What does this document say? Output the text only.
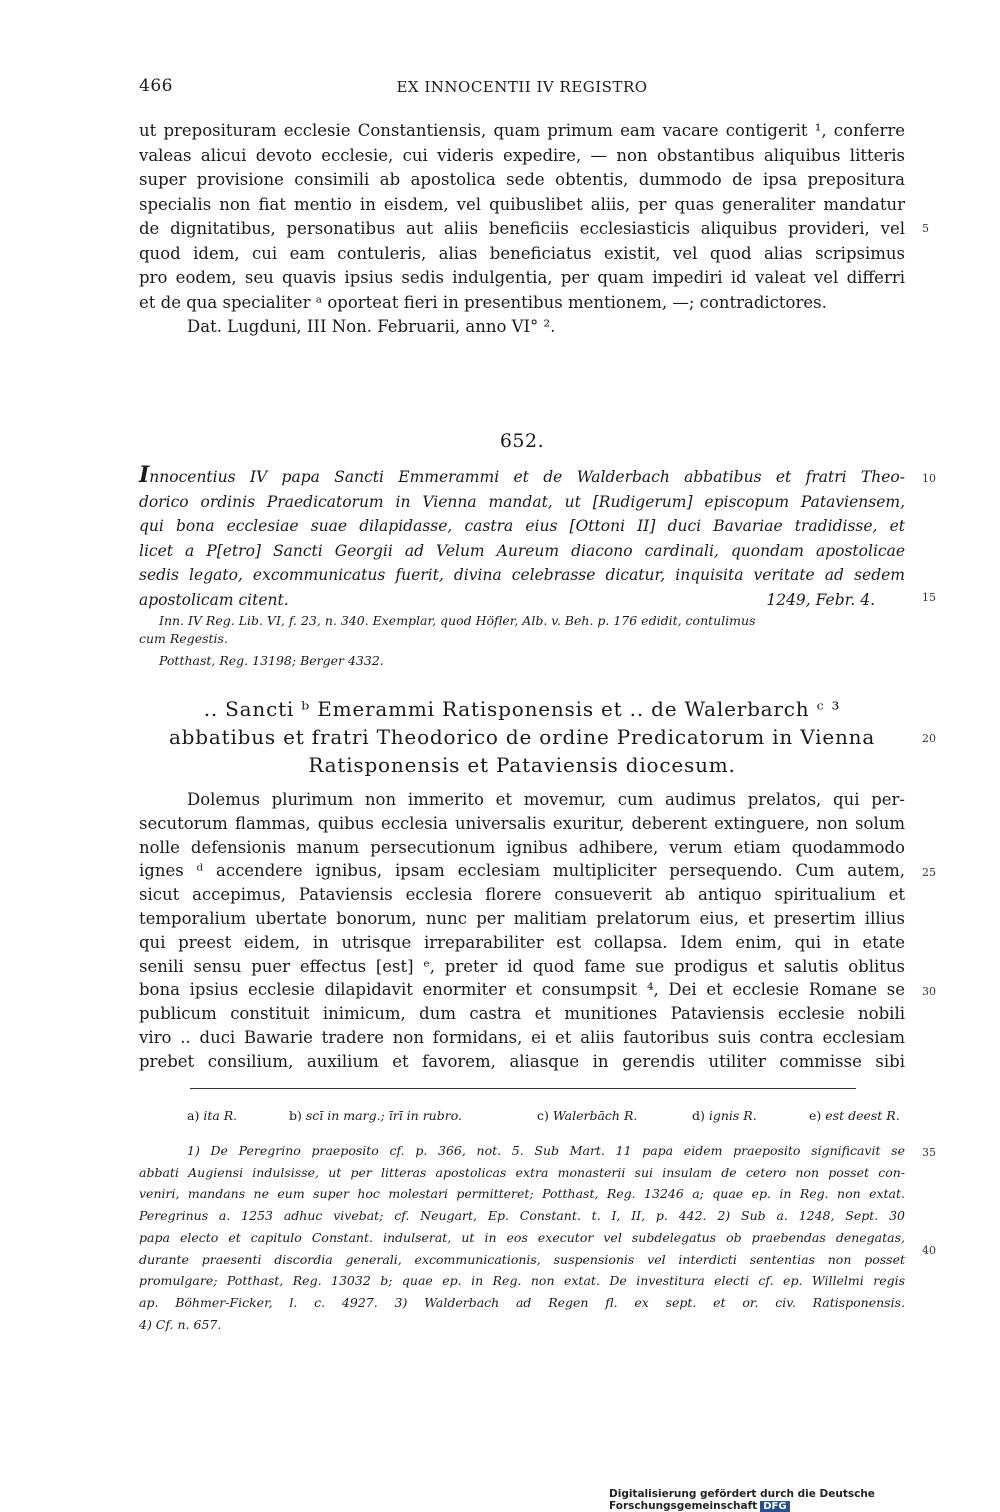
466	EX INNOCENTII IV REGISTRO
ut preposituram ecclesie Constantiensis, quam primum eam vacare contigerit ¹, conferre
valeas alicui devoto ecclesie, cui videris expedire, — non obstantibus aliquibus litteris
super provisione consimili ab apostolica sede obtentis, dummodo de ipsa prepositura
specialis non fiat mentio in eisdem, vel quibuslibet aliis, per quas generaliter mandatur
de dignitatibus, personatibus aut aliis beneficiis ecclesiasticis aliquibus provideri, vel
quod idem, cui eam contuleris, alias beneficiatus existit, vel quod alias scripsimus
pro eodem, seu quavis ipsius sedis indulgentia, per quam impediri id valeat vel differri
et de qua specialiter ᵃ oporteat fieri in presentibus mentionem, —; contradictores.
Dat. Lugduni, III Non. Februarii, anno VI° ².
5
652.
Innocentius IV papa Sancti Emmerammi et de Walderbach abbatibus et fratri Theo-
dorico ordinis Praedicatorum in Vienna mandat, ut [Rudigerum] episcopum Pataviensem,
qui bona ecclesiae suae dilapidasse, castra eius [Ottoni II] duci Bavariae tradidisse, et
licet a P[etro] Sancti Georgii ad Velum Aureum diacono cardinali, quondam apostolicae
sedis legato, excommunicatus fuerit, divina celebrasse dicatur, inquisita veritate ad sedem
apostolicam citent.	1249, Febr. 4.
10
15
Inn. IV Reg. Lib. VI, f. 23, n. 340. Exemplar, quod Höfler, Alb. v. Beh. p. 176 edidit, contulimus
cum Regestis.
Potthast, Reg. 13198; Berger 4332.
.. Sancti ᵇ Emerammi Ratisponensis et .. de Walerbarch ᶜ ³
abbatibus et fratri Theodorico de ordine Predicatorum in Vienna
Ratisponensis et Pataviensis diocesum.
20
Dolemus plurimum non immerito et movemur, cum audimus prelatos, qui per-
secutorum flammas, quibus ecclesia universalis exuritur, deberent extinguere, non solum
nolle defensionis manum persecutionum ignibus adhibere, verum etiam quodammodo
ignes ᵈ accendere ignibus, ipsam ecclesiam multipliciter persequendo. Cum autem,
sicut accepimus, Pataviensis ecclesia florere consueverit ab antiquo spiritualium et
temporalium ubertate bonorum, nunc per malitiam prelatorum eius, et presertim illius
qui preest eidem, in utrisque irreparabiliter est collapsa. Idem enim, qui in etate
senili sensu puer effectus [est] ᵉ, preter id quod fame sue prodigus et salutis oblitus
bona ipsius ecclesie dilapidavit enormiter et consumpsit ⁴, Dei et ecclesie Romane se
publicum constituit inimicum, dum castra et munitiones Pataviensis ecclesie nobili
viro .. duci Bawarie tradere non formidans, ei et aliis fautoribus suis contra ecclesiam
prebet consilium, auxilium et favorem, aliasque in gerendis utiliter commisse sibi
25
30
a) ita R.	b) scī in marg.; īrī in rubro.	c) Walerbāch R.	d) ignis R.	e) est deest R.
1) De Peregrino praeposito cf. p. 366, not. 5. Sub Mart. 11 papa eidem praeposito significavit se
abbati Augiensi indulsisse, ut per litteras apostolicas extra monasterii sui insulam de cetero non posset con-
veniri, mandans ne eum super hoc molestari permitteret; Potthast, Reg. 13246 a; quae ep. in Reg. non extat.
Peregrinus a. 1253 adhuc vivebat; cf. Neugart, Ep. Constant. t. I, II, p. 442. 2) Sub a. 1248, Sept. 30
papa electo et capitulo Constant. indulserat, ut in eos executor vel subdelegatus ob praebendas denegatas,
durante praesenti discordia generali, excommunicationis, suspensionis vel interdicti sententias non posset
promulgare; Potthast, Reg. 13032 b; quae ep. in Reg. non extat. De investitura electi cf. ep. Willelmi regis
ap. Böhmer-Ficker, l. c. 4927. 3) Walderbach ad Regen fl. ex sept. et or. civ. Ratisponensis.
4) Cf. n. 657.
35
40
Digitalisierung gefördert durch die Deutsche Forschungsgemeinschaft DFG
